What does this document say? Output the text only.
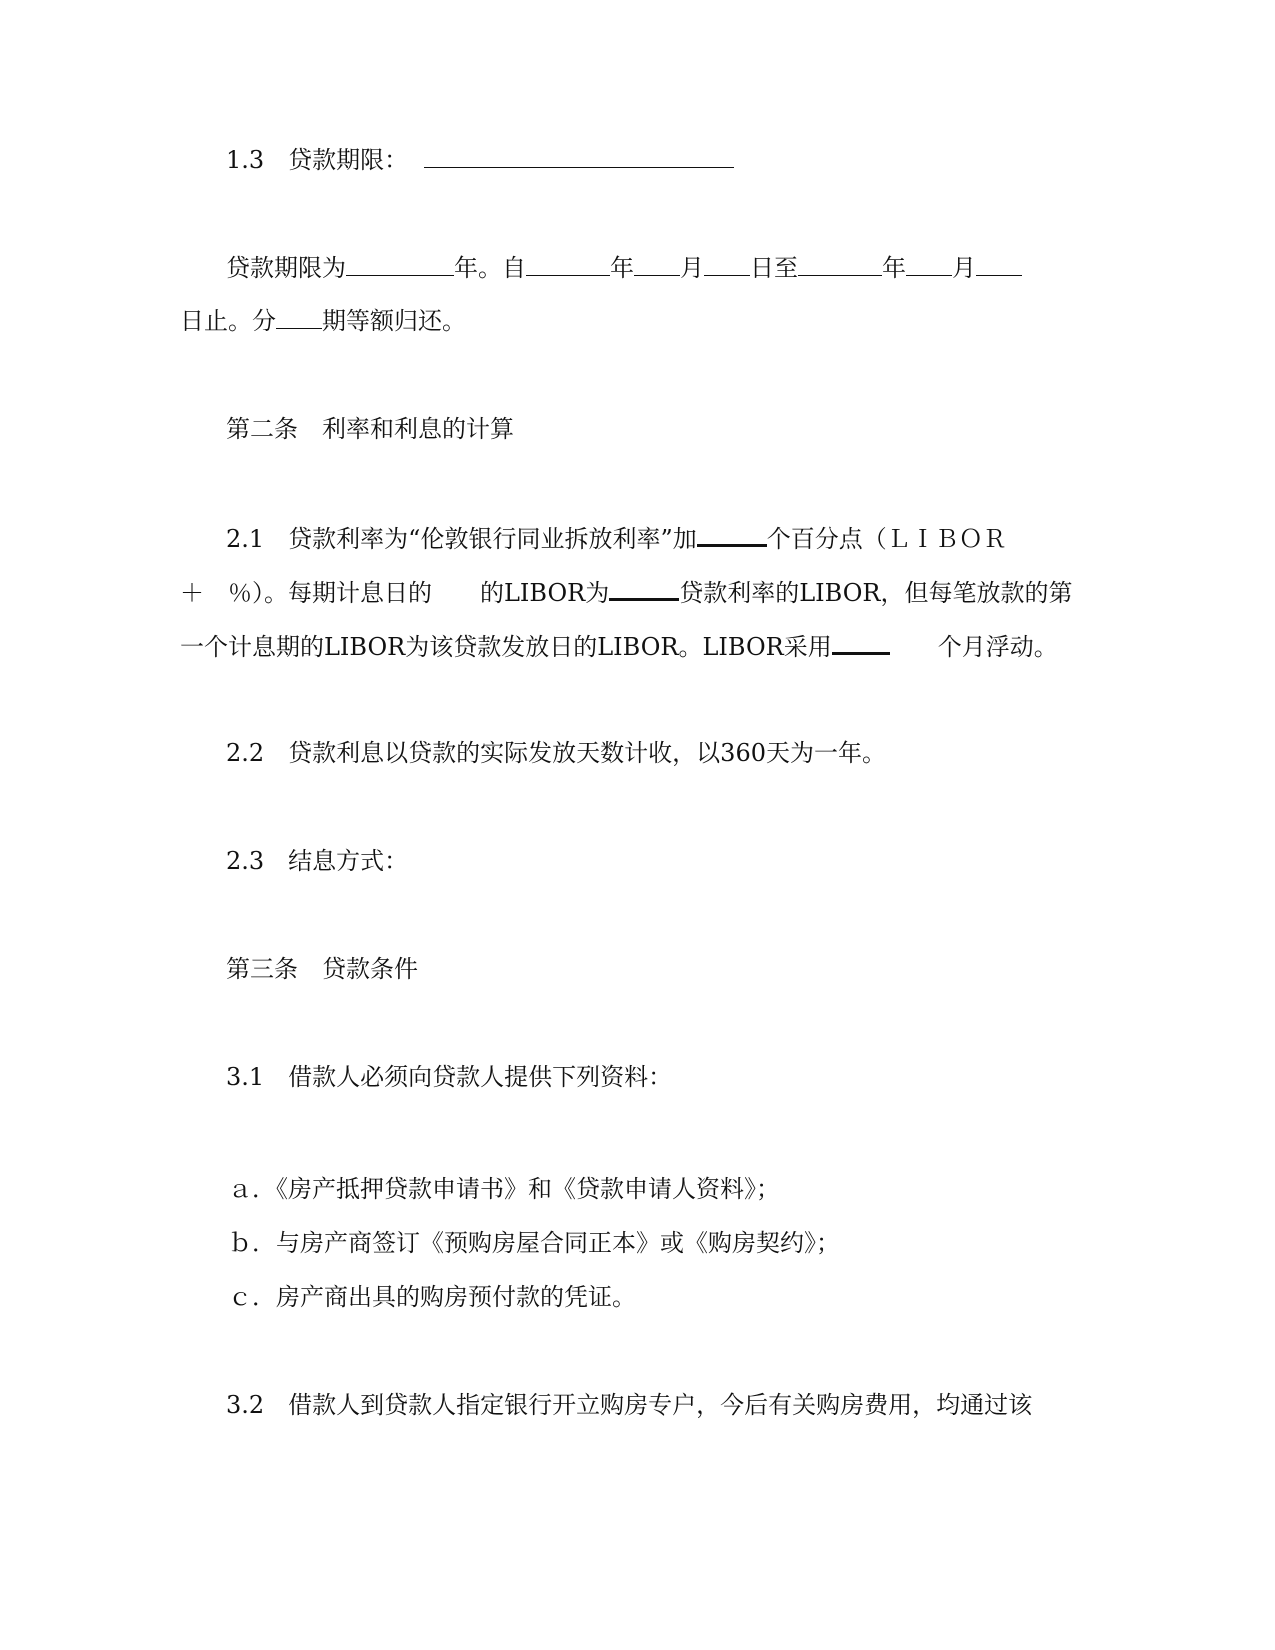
1.3 贷款期限：
贷款期限为	年。自	年 月 日至	年 月
日止。分 期等额归还。
第二条 利率和利息的计算
2.1 贷款利率为“伦敦银行同业拆放利率”加	个百分点（ＬＩＢＯＲ
＋ ％）。每期计息日的 的LIBOR为	贷款利率的LIBOR，但每笔放款的第
一个计息期的LIBOR为该贷款发放日的LIBOR。LIBOR采用	个月浮动。
2.2 贷款利息以贷款的实际发放天数计收，以360天为一年。
2.3 结息方式：
第三条 贷款条件
3.1 借款人必须向贷款人提供下列资料：
ａ．《房产抵押贷款申请书》和《贷款申请人资料》；
ｂ．与房产商签订《预购房屋合同正本》或《购房契约》；
ｃ．房产商出具的购房预付款的凭证。
3.2 借款人到贷款人指定银行开立购房专户，今后有关购房费用，均通过该
